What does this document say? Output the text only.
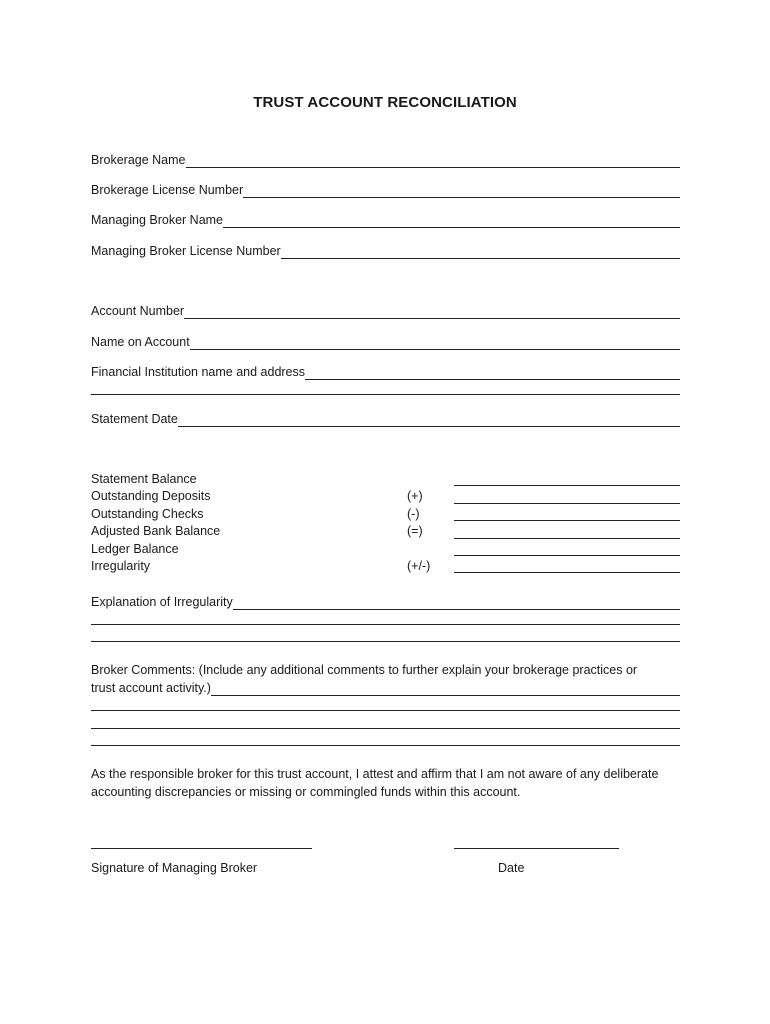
TRUST ACCOUNT RECONCILIATION
Brokerage Name
Brokerage License Number
Managing Broker Name
Managing Broker License Number
Account Number
Name on Account
Financial Institution name and address
Statement Date
Statement Balance
Outstanding Deposits	(+)
Outstanding Checks	(-)
Adjusted Bank Balance	(=)
Ledger Balance
Irregularity	(+/-)
Explanation of Irregularity
Broker Comments: (Include any additional comments to further explain your brokerage practices or
trust account activity.)
As the responsible broker for this trust account, I attest and affirm that I am not aware of any deliberate
accounting discrepancies or missing or commingled funds within this account.
Signature of Managing Broker	Date
